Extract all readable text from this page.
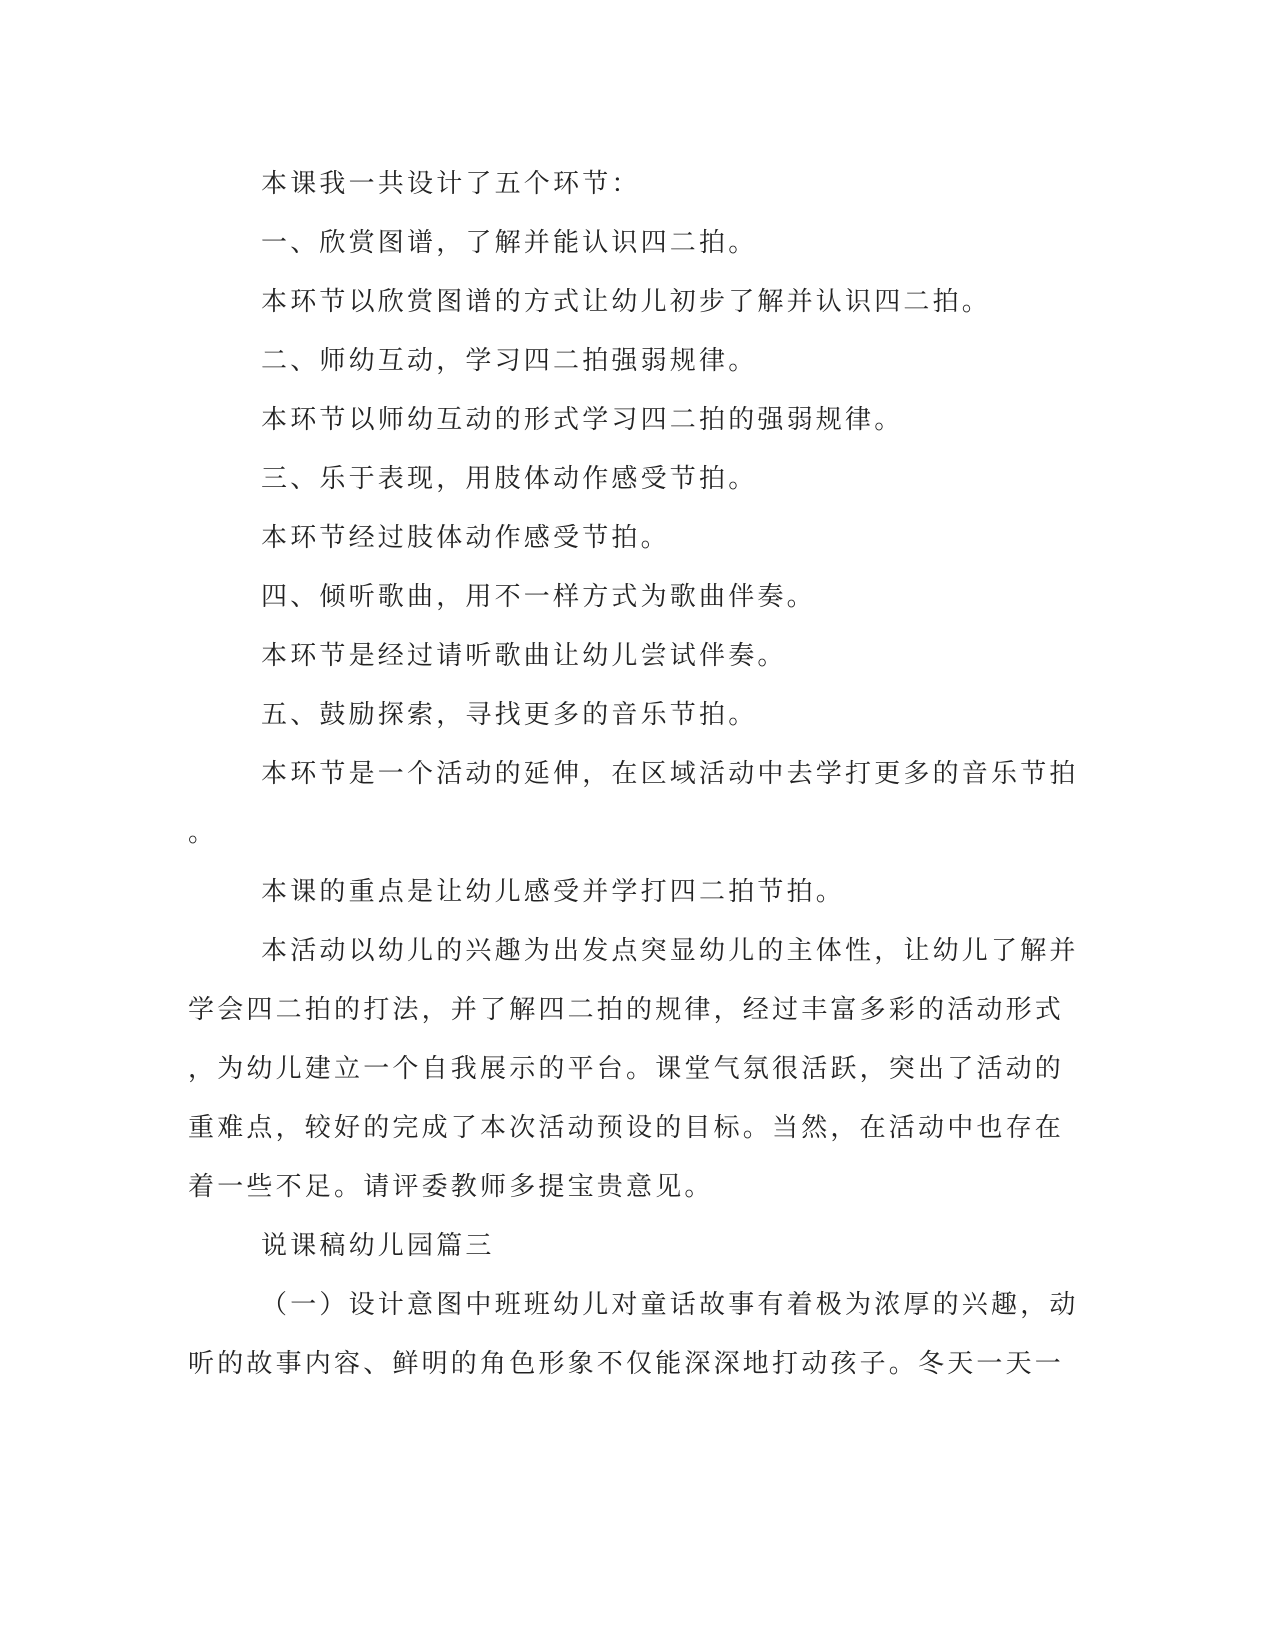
本课我一共设计了五个环节：
一、欣赏图谱，了解并能认识四二拍。
本环节以欣赏图谱的方式让幼儿初步了解并认识四二拍。
二、师幼互动，学习四二拍强弱规律。
本环节以师幼互动的形式学习四二拍的强弱规律。
三、乐于表现，用肢体动作感受节拍。
本环节经过肢体动作感受节拍。
四、倾听歌曲，用不一样方式为歌曲伴奏。
本环节是经过请听歌曲让幼儿尝试伴奏。
五、鼓励探索，寻找更多的音乐节拍。
本环节是一个活动的延伸，在区域活动中去学打更多的音乐节拍
。
本课的重点是让幼儿感受并学打四二拍节拍。
本活动以幼儿的兴趣为出发点突显幼儿的主体性，让幼儿了解并
学会四二拍的打法，并了解四二拍的规律，经过丰富多彩的活动形式
，为幼儿建立一个自我展示的平台。课堂气氛很活跃，突出了活动的
重难点，较好的完成了本次活动预设的目标。当然，在活动中也存在
着一些不足。请评委教师多提宝贵意见。
说课稿幼儿园篇三
（一）设计意图中班班幼儿对童话故事有着极为浓厚的兴趣，动
听的故事内容、鲜明的角色形象不仅能深深地打动孩子。冬天一天一
